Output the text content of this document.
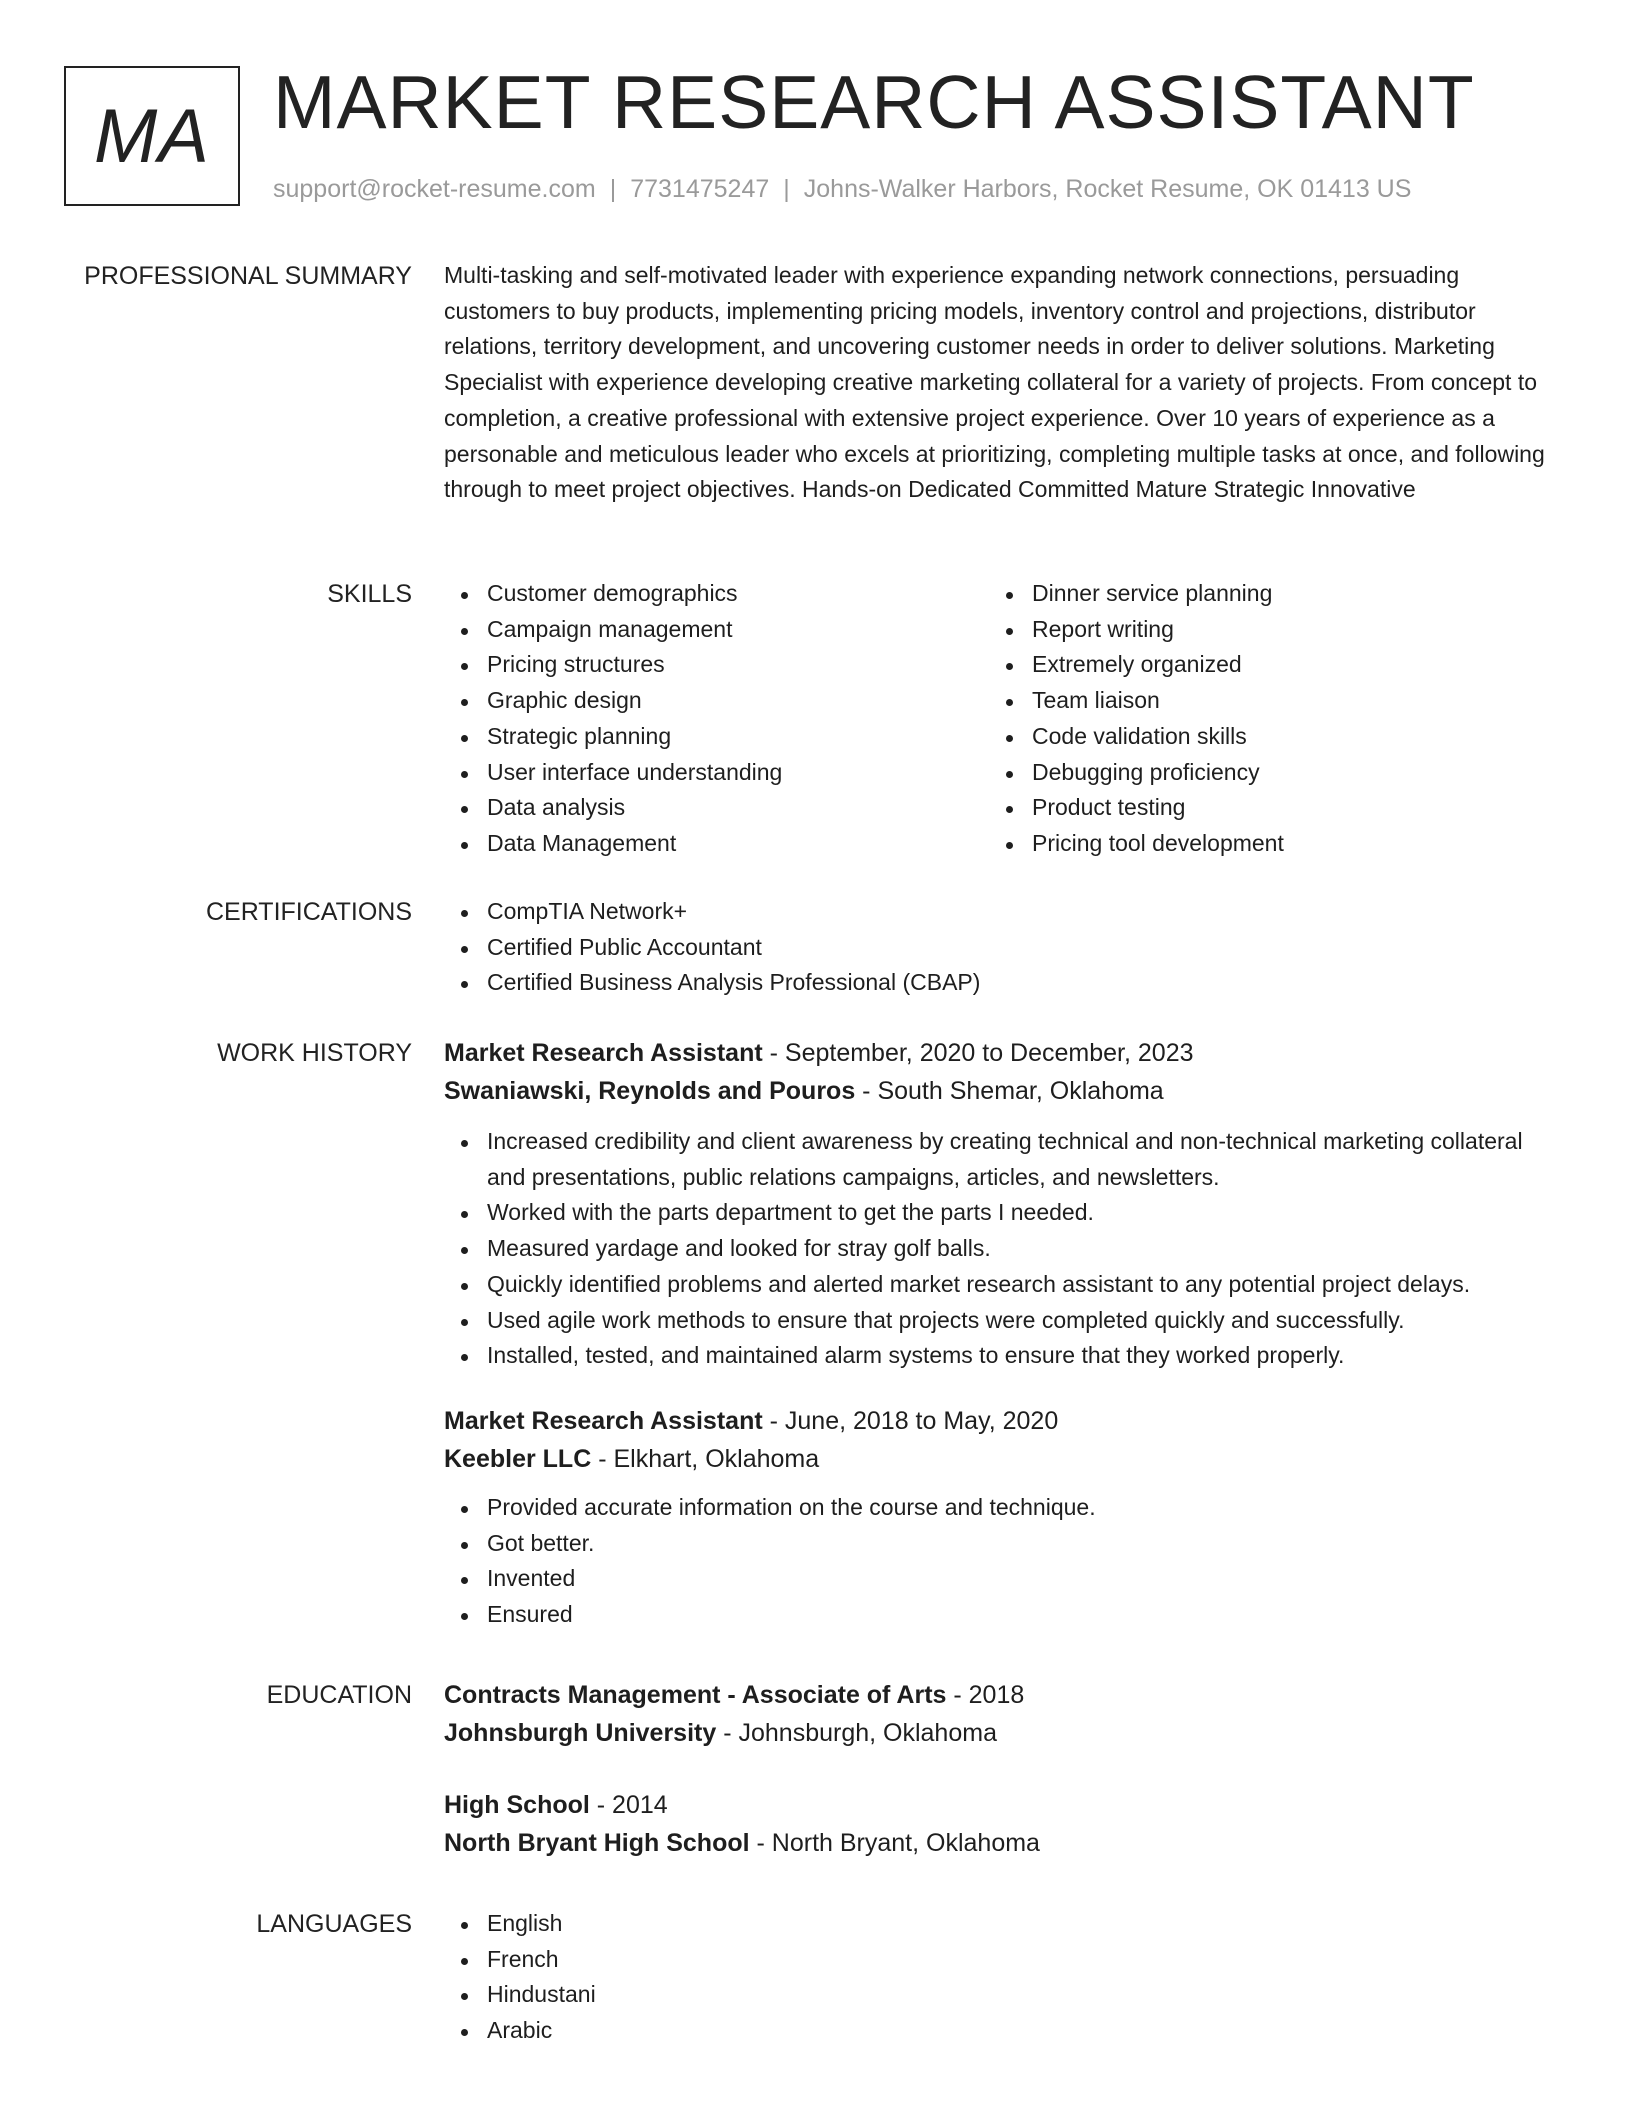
MA MARKET RESEARCH ASSISTANT
support@rocket-resume.com | 7731475247 | Johns-Walker Harbors, Rocket Resume, OK 01413 US
PROFESSIONAL SUMMARY Multi-tasking and self-motivated leader with experience expanding network connections, persuading customers to buy products, implementing pricing models, inventory control and projections, distributor relations, territory development, and uncovering customer needs in order to deliver solutions. Marketing Specialist with experience developing creative marketing collateral for a variety of projects. From concept to completion, a creative professional with extensive project experience. Over 10 years of experience as a personable and meticulous leader who excels at prioritizing, completing multiple tasks at once, and following through to meet project objectives. Hands-on Dedicated Committed Mature Strategic Innovative

SKILLS	Customer demographics
Campaign management
Pricing structures
Graphic design
Strategic planning
User interface understanding
Data analysis
Data Management
Dinner service planning
Report writing
Extremely organized
Team liaison
Code validation skills
Debugging proficiency
Product testing
Pricing tool development
CERTIFICATIONS	CompTIA Network+
Certified Public Accountant
Certified Business Analysis Professional (CBAP)
WORK HISTORY Market Research Assistant - September, 2020 to December, 2023
Swaniawski, Reynolds and Pouros - South Shemar, Oklahoma
Increased credibility and client awareness by creating technical and non-technical marketing collateral and presentations, public relations campaigns, articles, and newsletters.
Worked with the parts department to get the parts I needed.
Measured yardage and looked for stray golf balls.
Quickly identified problems and alerted market research assistant to any potential project delays.
Used agile work methods to ensure that projects were completed quickly and successfully.
Installed, tested, and maintained alarm systems to ensure that they worked properly.
Market Research Assistant - June, 2018 to May, 2020
Keebler LLC - Elkhart, Oklahoma
Provided accurate information on the course and technique.
Got better.
Invented
Ensured
EDUCATION Contracts Management - Associate of Arts - 2018
Johnsburgh University - Johnsburgh, Oklahoma
High School - 2014
North Bryant High School - North Bryant, Oklahoma
LANGUAGES	English
French
Hindustani
Arabic
